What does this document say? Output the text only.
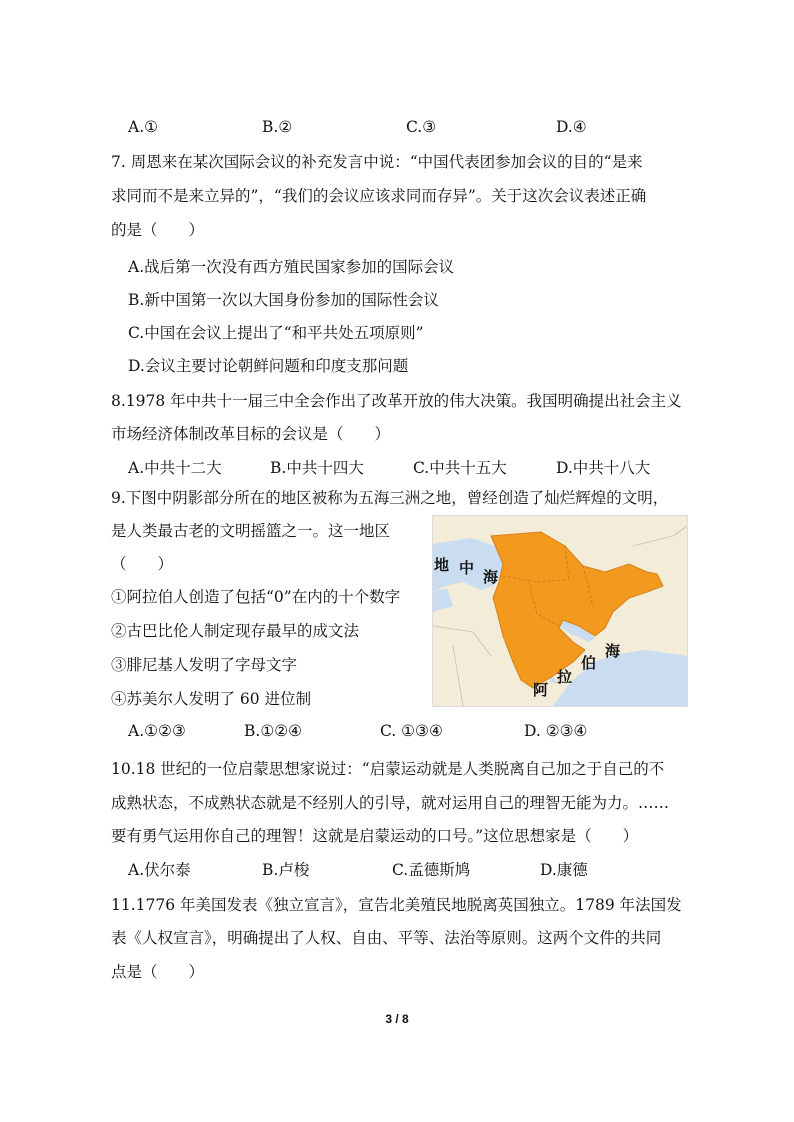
A.①	B.②	C.③	D.④
7. 周恩来在某次国际会议的补充发言中说：“中国代表团参加会议的目的“是来
求同而不是来立异的”，“我们的会议应该求同而存异”。关于这次会议表述正确
的是（　　）
A.战后第一次没有西方殖民国家参加的国际会议
B.新中国第一次以大国身份参加的国际性会议
C.中国在会议上提出了“和平共处五项原则”
D.会议主要讨论朝鲜问题和印度支那问题
8.1978 年中共十一届三中全会作出了改革开放的伟大决策。我国明确提出社会主义
市场经济体制改革目标的会议是（　　）
A.中共十二大	B.中共十四大	C.中共十五大	D.中共十八大
9.下图中阴影部分所在的地区被称为五海三洲之地，曾经创造了灿烂辉煌的文明，
是人类最古老的文明摇篮之一。这一地区
（　　）
①阿拉伯人创造了包括“0”在内的十个数字
②古巴比伦人制定现存最早的成文法
③腓尼基人发明了字母文字
④苏美尔人发明了 60 进位制
A.①②③	B.①②④	C. ①③④	D. ②③④
地 中 海
阿
拉
伯
海
10.18 世纪的一位启蒙思想家说过：“启蒙运动就是人类脱离自己加之于自己的不
成熟状态，不成熟状态就是不经别人的引导，就对运用自己的理智无能为力。……
要有勇气运用你自己的理智！这就是启蒙运动的口号。”这位思想家是（　　）
A.伏尔泰	B.卢梭	C.孟德斯鸠	D.康德
11.1776 年美国发表《独立宣言》，宣告北美殖民地脱离英国独立。1789 年法国发
表《人权宣言》，明确提出了人权、自由、平等、法治等原则。这两个文件的共同
点是（　　）
3 / 8
